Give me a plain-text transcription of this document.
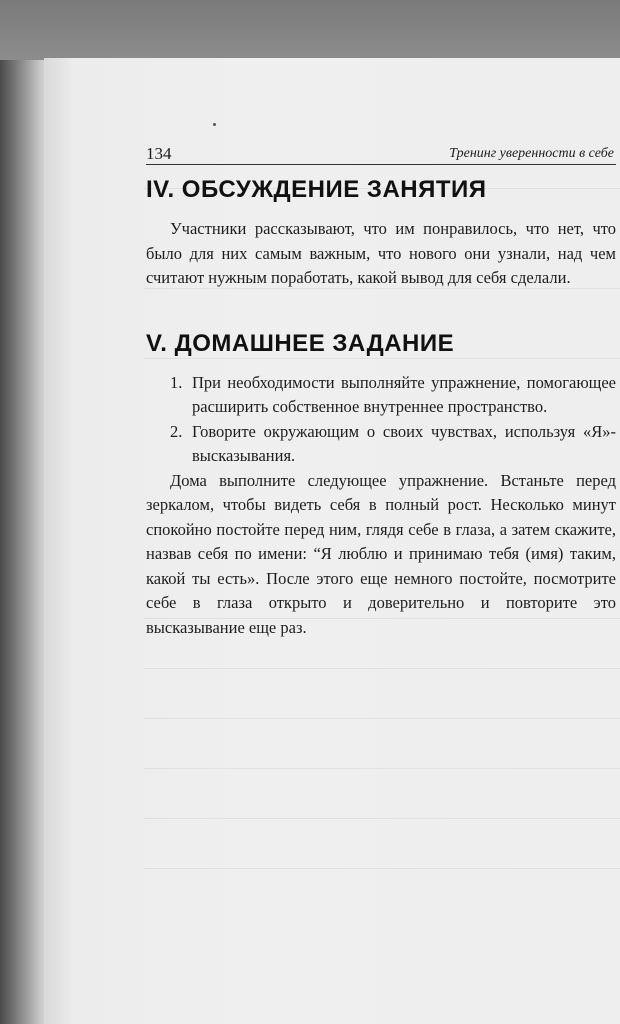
134	Тренинг уверенности в себе
IV. ОБСУЖДЕНИЕ ЗАНЯТИЯ

Участники рассказывают, что им понравилось, что нет, что было для них самым важным, что нового они узнали, над чем считают нужным поработать, какой вывод для себя сделали.

V. ДОМАШНЕЕ ЗАДАНИЕ
1. При необходимости выполняйте упражнение, помогающее расширить собственное внутреннее пространство.
2. Говорите окружающим о своих чувствах, используя «Я»-высказывания.

Дома выполните следующее упражнение. Встаньте перед зеркалом, чтобы видеть себя в полный рост. Несколько минут спокойно постойте перед ним, глядя себе в глаза, а затем скажите, назвав себя по имени: “Я люблю и принимаю тебя (имя) таким, какой ты есть». После этого еще немного постойте, посмотрите себе в глаза открыто и доверительно и повторите это высказывание еще раз.
